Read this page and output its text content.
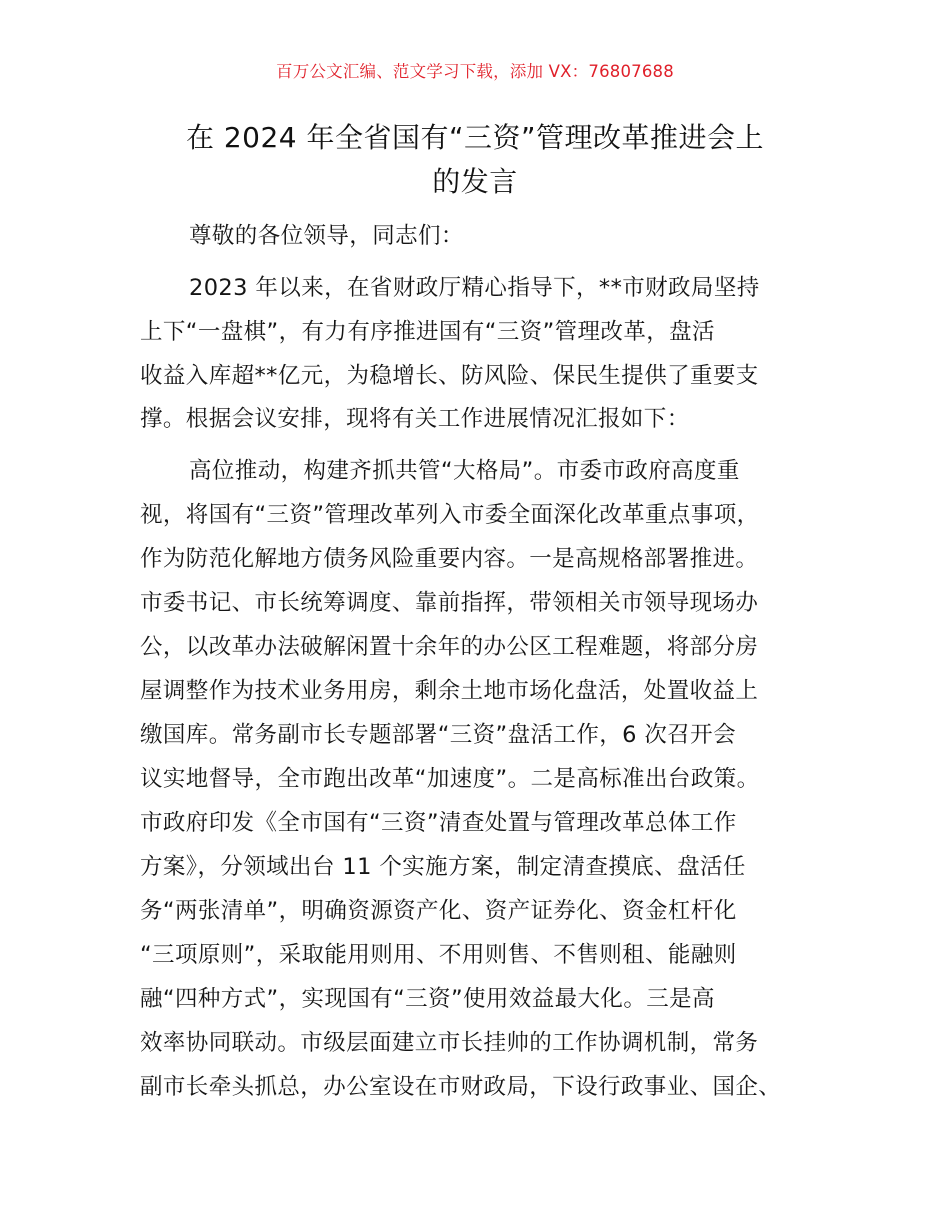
百万公文汇编、范文学习下载，添加 VX：76807688
在 2024 年全省国有“三资”管理改革推进会上
的发言
尊敬的各位领导，同志们：
2023 年以来，在省财政厅精心指导下，**市财政局坚持
上下“一盘棋”，有力有序推进国有“三资”管理改革，盘活
收益入库超**亿元，为稳增长、防风险、保民生提供了重要支
撑。根据会议安排，现将有关工作进展情况汇报如下：
高位推动，构建齐抓共管“大格局”。市委市政府高度重
视，将国有“三资”管理改革列入市委全面深化改革重点事项，
作为防范化解地方债务风险重要内容。一是高规格部署推进。
市委书记、市长统筹调度、靠前指挥，带领相关市领导现场办
公，以改革办法破解闲置十余年的办公区工程难题，将部分房
屋调整作为技术业务用房，剩余土地市场化盘活，处置收益上
缴国库。常务副市长专题部署“三资”盘活工作，6 次召开会
议实地督导，全市跑出改革“加速度”。二是高标准出台政策。
市政府印发《全市国有“三资”清查处置与管理改革总体工作
方案》，分领域出台 11 个实施方案，制定清查摸底、盘活任
务“两张清单”，明确资源资产化、资产证券化、资金杠杆化
“三项原则”，采取能用则用、不用则售、不售则租、能融则
融“四种方式”，实现国有“三资”使用效益最大化。三是高
效率协同联动。市级层面建立市长挂帅的工作协调机制，常务
副市长牵头抓总，办公室设在市财政局，下设行政事业、国企、
